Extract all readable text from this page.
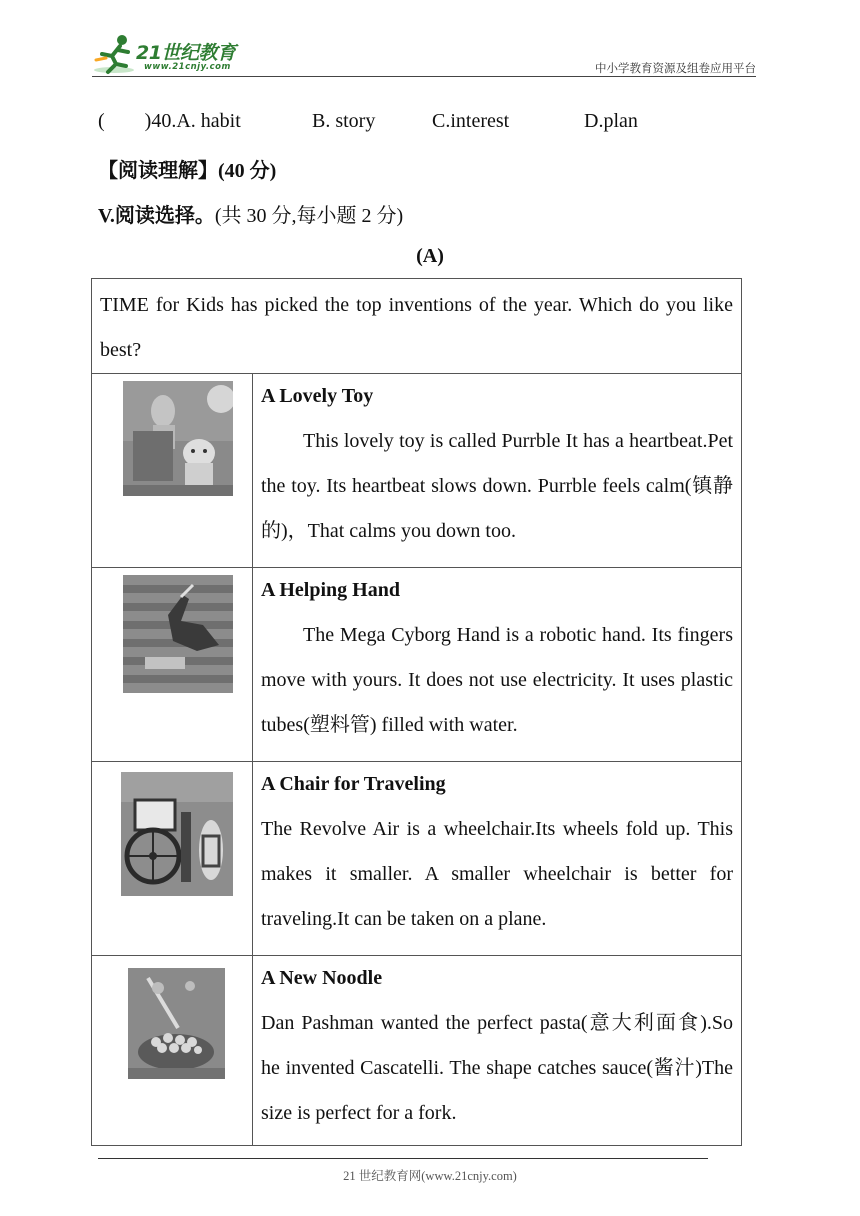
21世纪教育
www.21cnjy.com	中小学教育资源及组卷应用平台
( )40.A. habit	B. story	C.interest	D.plan
【阅读理解】(40 分)
V.阅读选择。(共 30 分,每小题 2 分)
(A)
TIME for Kids has picked the top inventions of the year. Which do you like best?	

A Lovely Toy
This lovely toy is called Purrble It has a heartbeat.Pet the toy. Its heartbeat slows down. Purrble feels calm(镇静的)，That calms you down too.

A Helping Hand
The Mega Cyborg Hand is a robotic hand. Its fingers move with yours. It does not use electricity. It uses plastic tubes(塑料管) filled with water.

A Chair for Traveling
The Revolve Air is a wheelchair.Its wheels fold up. This makes it smaller. A smaller wheelchair is better for traveling.It can be taken on a plane.

A New Noodle
Dan Pashman wanted the perfect pasta(意大利面食).So he invented Cascatelli. The shape catches sauce(酱汁)The size is perfect for a fork.
21 世纪教育网(www.21cnjy.com)
